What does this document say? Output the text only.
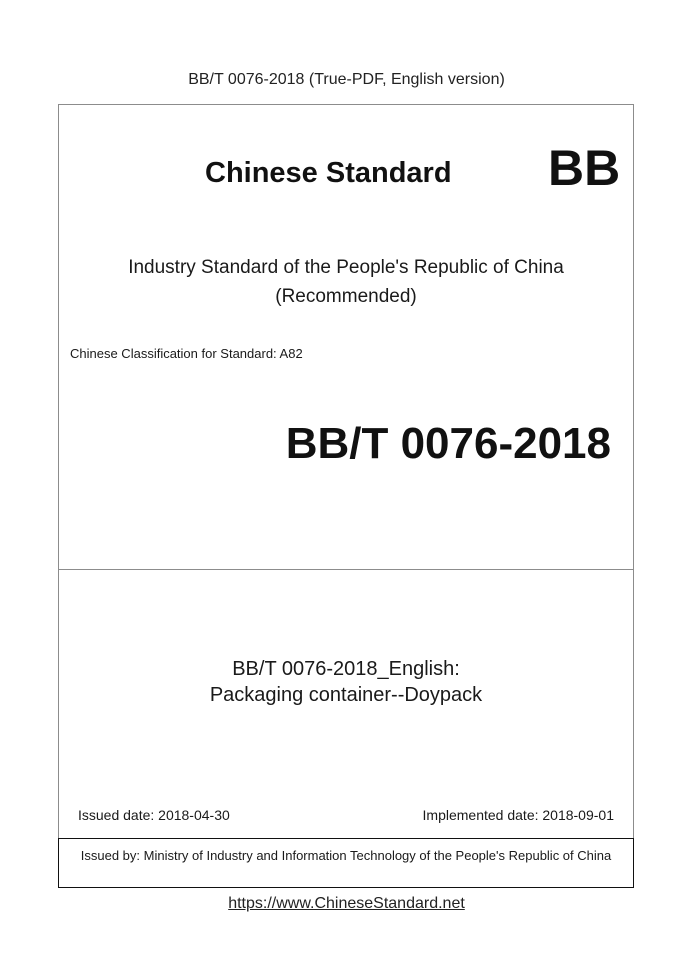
BB/T 0076-2018 (True-PDF, English version)
Chinese Standard BB
Industry Standard of the People's Republic of China
(Recommended)
Chinese Classification for Standard: A82
BB/T 0076-2018
BB/T 0076-2018_English:
Packaging container--Doypack
Issued date: 2018-04-30	Implemented date: 2018-09-01
Issued by: Ministry of Industry and Information Technology of the People's Republic of China
https://www.ChineseStandard.net
